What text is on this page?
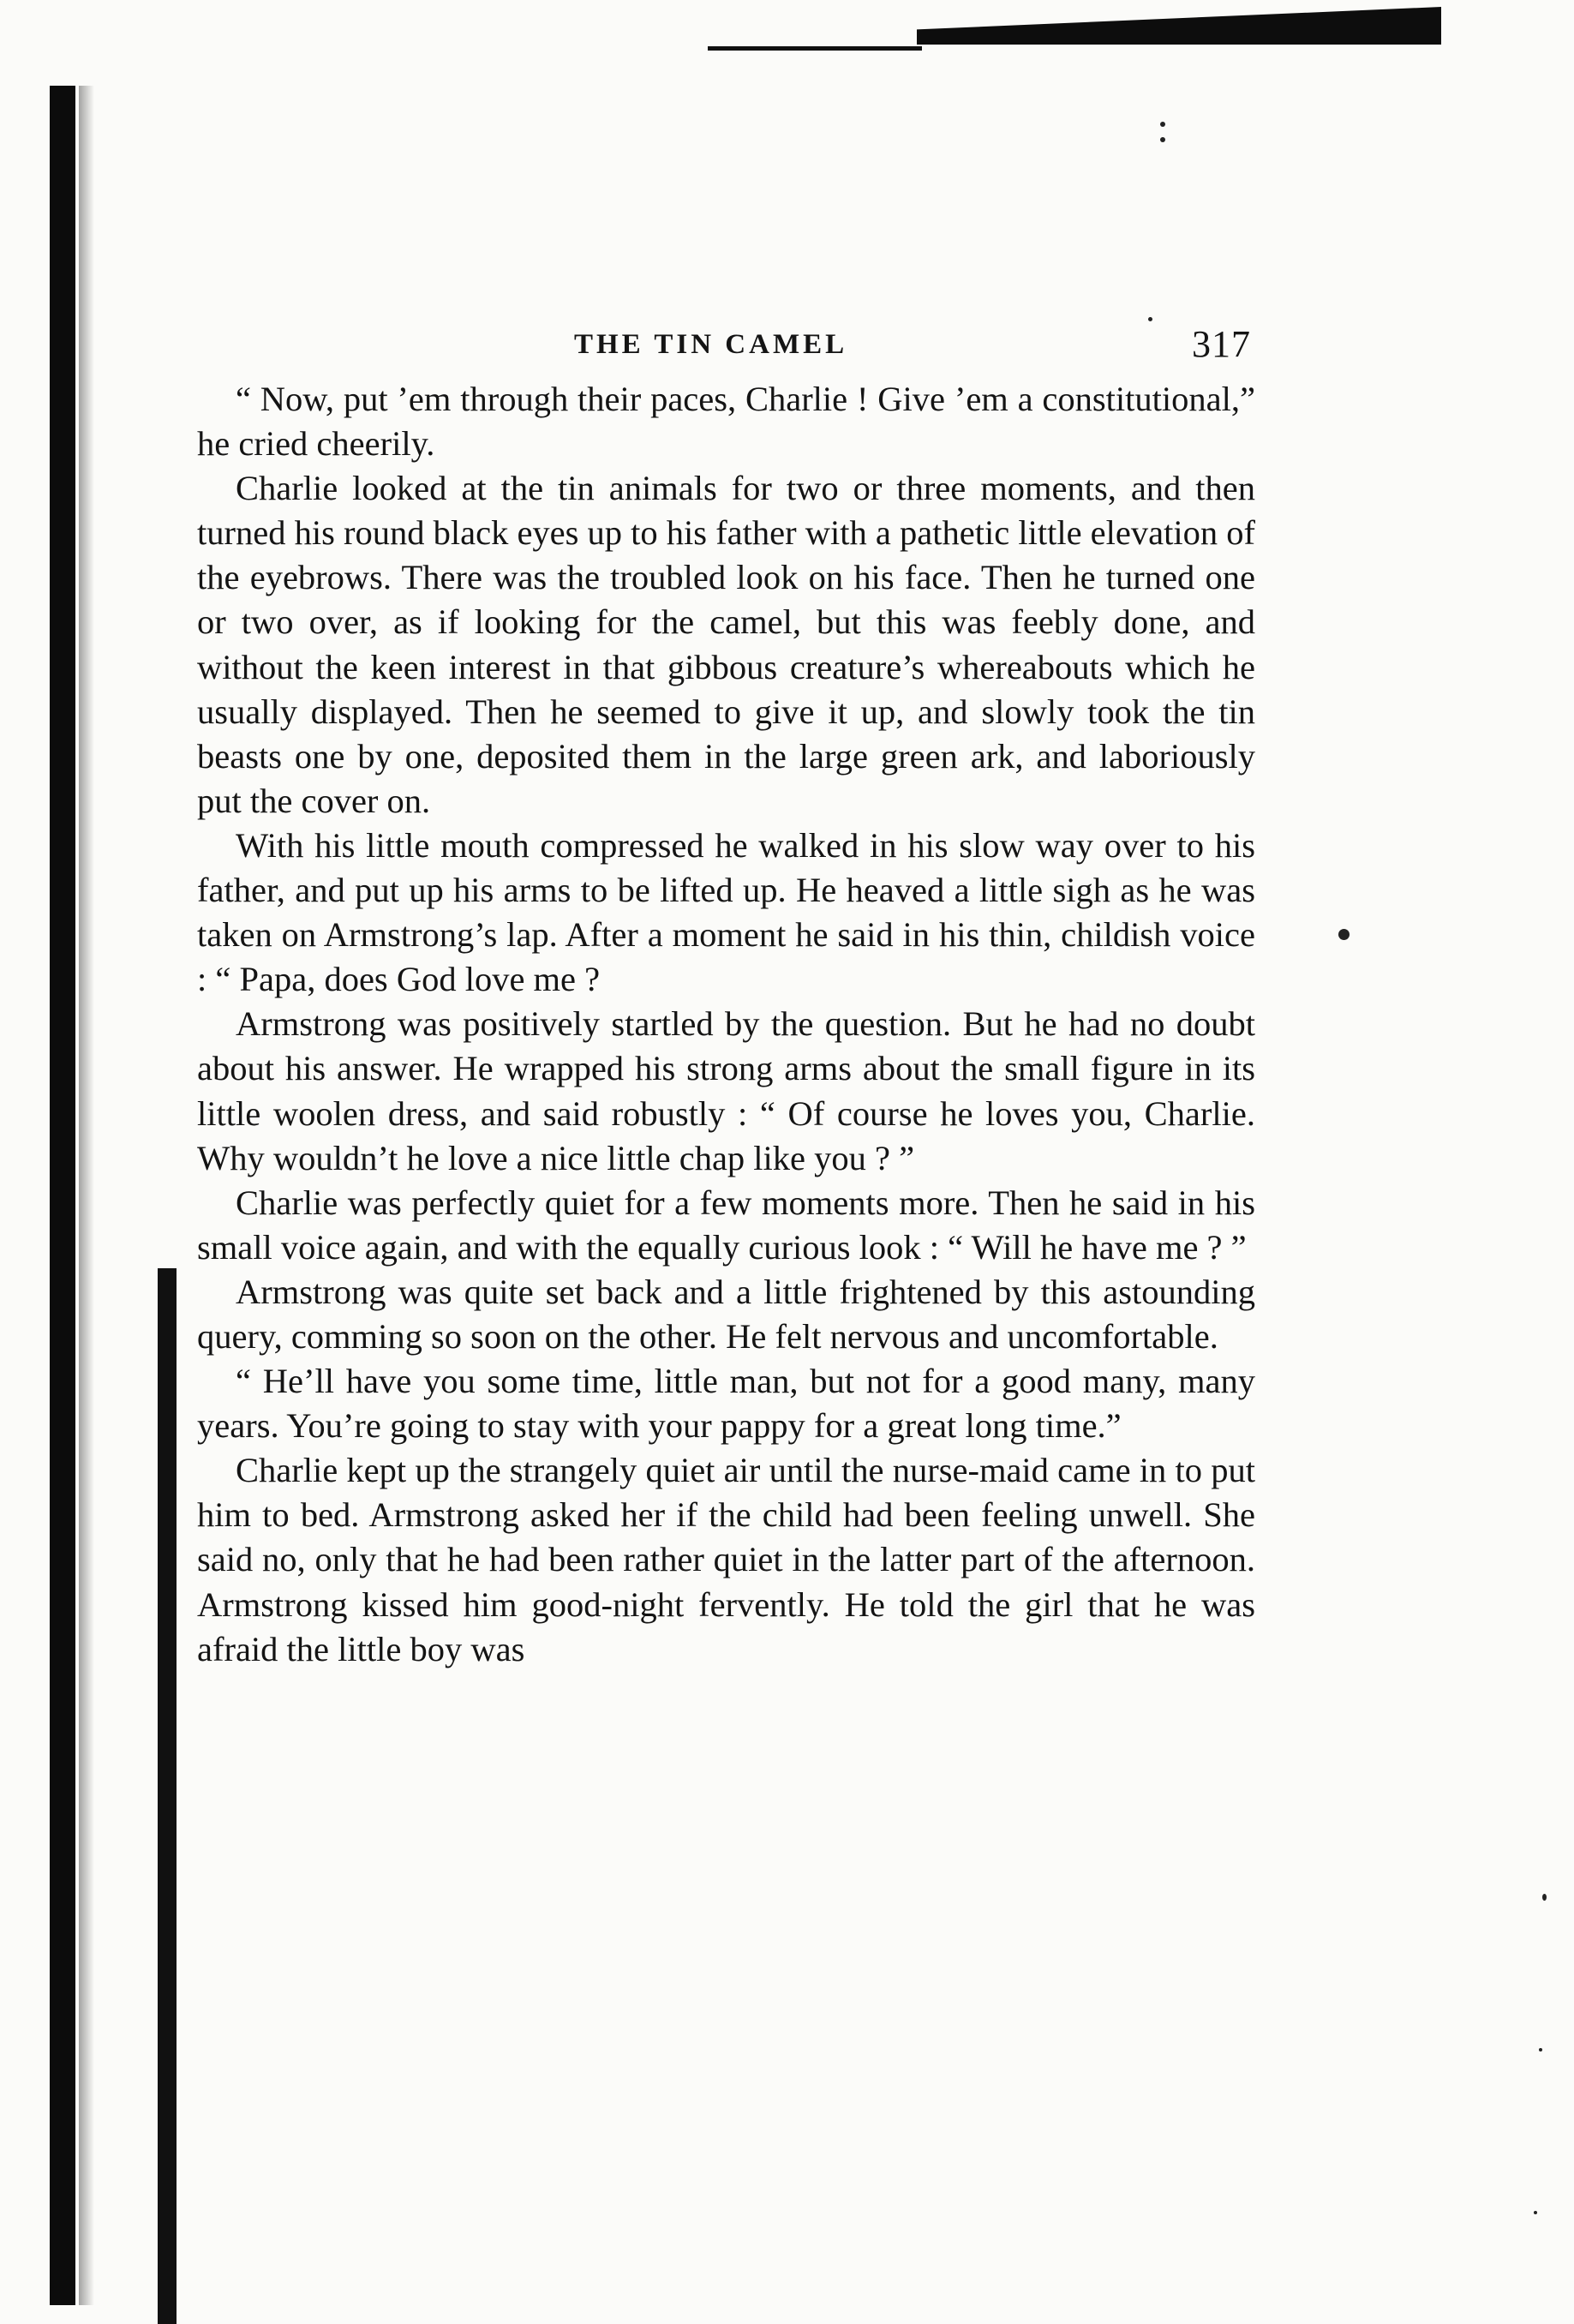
THE TIN CAMEL	317

“ Now, put ’em through their paces, Charlie ! Give ’em a constitutional,” he cried cheerily.

Charlie looked at the tin animals for two or three moments, and then turned his round black eyes up to his father with a pathetic little elevation of the eyebrows. There was the troubled look on his face. Then he turned one or two over, as if looking for the camel, but this was feebly done, and without the keen interest in that gibbous creature’s whereabouts which he usually displayed. Then he seemed to give it up, and slowly took the tin beasts one by one, deposited them in the large green ark, and laboriously put the cover on.

With his little mouth compressed he walked in his slow way over to his father, and put up his arms to be lifted up. He heaved a little sigh as he was taken on Armstrong’s lap. After a moment he said in his thin, childish voice : “ Papa, does God love me ?

Armstrong was positively startled by the question. But he had no doubt about his answer. He wrapped his strong arms about the small figure in its little woolen dress, and said robustly : “ Of course he loves you, Charlie. Why wouldn’t he love a nice little chap like you ? ”

Charlie was perfectly quiet for a few moments more. Then he said in his small voice again, and with the equally curious look : “ Will he have me ? ”

Armstrong was quite set back and a little frightened by this astounding query, comming so soon on the other. He felt nervous and uncomfortable.

“ He’ll have you some time, little man, but not for a good many, many years. You’re going to stay with your pappy for a great long time.”

Charlie kept up the strangely quiet air until the nurse-maid came in to put him to bed. Armstrong asked her if the child had been feeling unwell. She said no, only that he had been rather quiet in the latter part of the afternoon. Armstrong kissed him good-night fervently. He told the girl that he was afraid the little boy was
